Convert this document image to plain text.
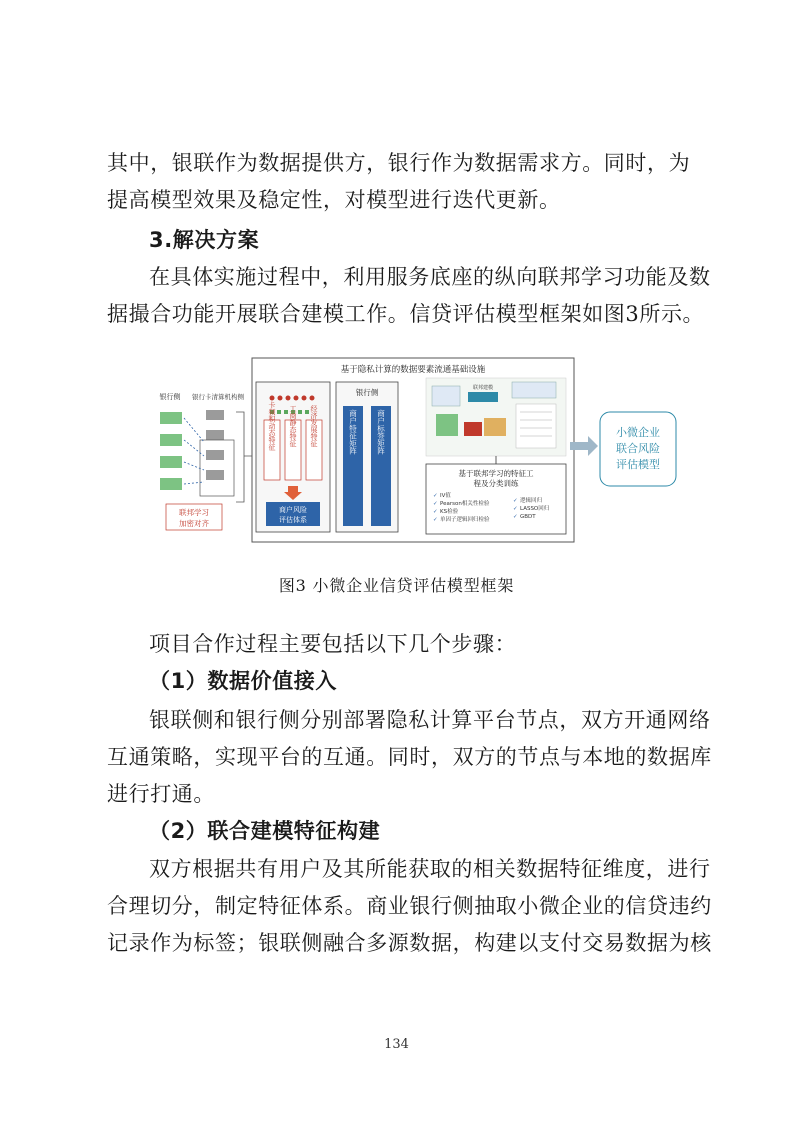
其中，银联作为数据提供方，银行作为数据需求方。同时，为

提高模型效果及稳定性，对模型进行迭代更新。

3.解决方案

在具体实施过程中，利用服务底座的纵向联邦学习功能及数

据撮合功能开展联合建模工作。信贷评估模型框架如图3所示。

银行侧 银行卡清算机构侧
联邦学习
加密对齐
基于隐私计算的数据要素流通基础设施
卡频积动态特征 工商静态特征 经济发展特征
商户风险
评估体系
银行侧
商户特征矩阵	商户标签矩阵
联邦建模
基于联邦学习的特征工
程及分类训练
IV值
Pearson相关性检验
KS检验
单因子逻辑回归检验
逻辑回归
LASSO回归
GBDT
✓
✓
✓
✓
✓
✓
✓
小微企业
联合风险
评估模型
图3 小微企业信贷评估模型框架

项目合作过程主要包括以下几个步骤：

（1）数据价值接入

银联侧和银行侧分别部署隐私计算平台节点，双方开通网络

互通策略，实现平台的互通。同时，双方的节点与本地的数据库

进行打通。

（2）联合建模特征构建

双方根据共有用户及其所能获取的相关数据特征维度，进行

合理切分，制定特征体系。商业银行侧抽取小微企业的信贷违约

记录作为标签；银联侧融合多源数据，构建以支付交易数据为核

134
